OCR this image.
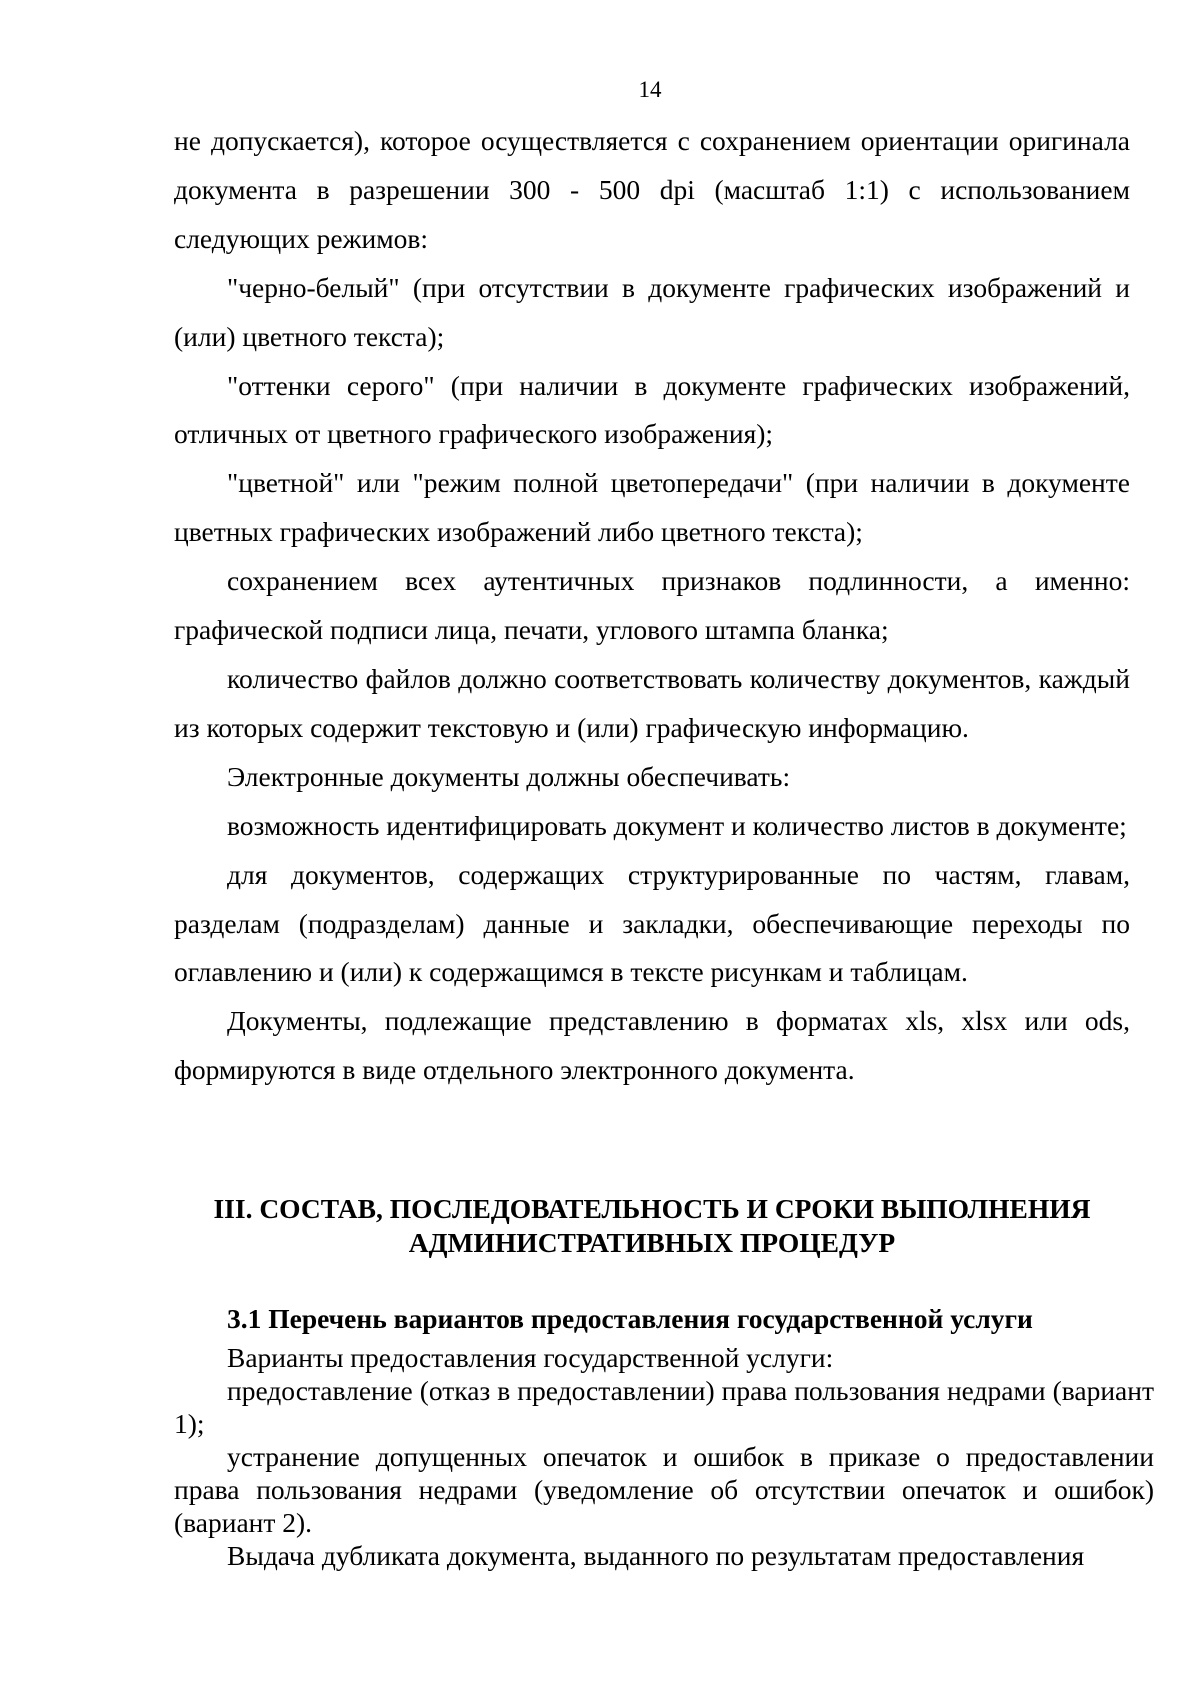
14

не допускается), которое осуществляется с сохранением ориентации оригинала документа в разрешении 300 - 500 dpi (масштаб 1:1) с использованием следующих режимов:

"черно-белый" (при отсутствии в документе графических изображений и (или) цветного текста);

"оттенки серого" (при наличии в документе графических изображений, отличных от цветного графического изображения);

"цветной" или "режим полной цветопередачи" (при наличии в документе цветных графических изображений либо цветного текста);

сохранением всех аутентичных признаков подлинности, а именно: графической подписи лица, печати, углового штампа бланка;

количество файлов должно соответствовать количеству документов, каждый из которых содержит текстовую и (или) графическую информацию.

Электронные документы должны обеспечивать:

возможность идентифицировать документ и количество листов в документе;

для документов, содержащих структурированные по частям, главам, разделам (подразделам) данные и закладки, обеспечивающие переходы по оглавлению и (или) к содержащимся в тексте рисункам и таблицам.

Документы, подлежащие представлению в форматах xls, xlsx или ods, формируются в виде отдельного электронного документа.

III. СОСТАВ, ПОСЛЕДОВАТЕЛЬНОСТЬ И СРОКИ ВЫПОЛНЕНИЯ АДМИНИСТРАТИВНЫХ ПРОЦЕДУР
3.1 Перечень вариантов предоставления государственной услуги

Варианты предоставления государственной услуги:

предоставление (отказ в предоставлении) права пользования недрами (вариант 1);

устранение допущенных опечаток и ошибок в приказе о предоставлении права пользования недрами (уведомление об отсутствии опечаток и ошибок) (вариант 2).

Выдача дубликата документа, выданного по результатам предоставления
